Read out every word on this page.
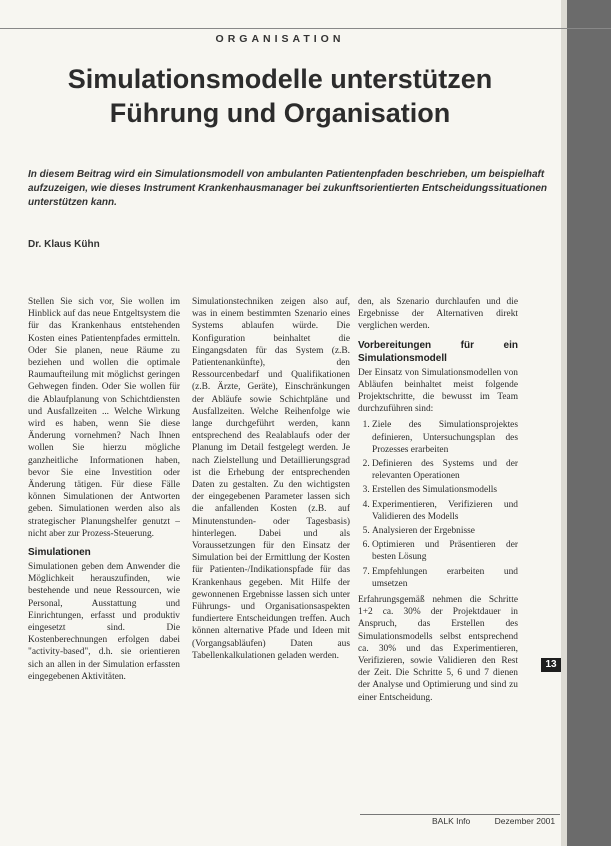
ORGANISATION
Simulationsmodelle unterstützen
Führung und Organisation
In diesem Beitrag wird ein Simulationsmodell von ambulanten Patientenpfaden beschrieben, um beispielhaft aufzuzeigen, wie dieses Instrument Krankenhausmanager bei zukunftsorientierten Entscheidungssituationen unterstützen kann.
Dr. Klaus Kühn

Stellen Sie sich vor, Sie wollen im Hinblick auf das neue Entgeltsystem die für das Krankenhaus entstehenden Kosten eines Patientenpfades ermitteln. Oder Sie planen, neue Räume zu beziehen und wollen die optimale Raumaufteilung mit möglichst geringen Gehwegen finden. Oder Sie wollen für die Ablaufplanung von Schichtdiensten und Ausfallzeiten ... Welche Wirkung wird es haben, wenn Sie diese Änderung vornehmen? Nach Ihnen wollen Sie hierzu mögliche ganzheitliche Informationen haben, bevor Sie eine Investition oder Änderung tätigen. Für diese Fälle können Simulationen der Antworten geben. Simulationen werden also als strategischer Planungshelfer genutzt – nicht aber zur Prozess-Steuerung.

Simulationen

Simulationen geben dem Anwender die Möglichkeit herauszufinden, wie bestehende und neue Ressourcen, wie Personal, Ausstattung und Einrichtungen, erfasst und produktiv eingesetzt sind. Die Kostenberechnungen erfolgen dabei "activity-based", d.h. sie orientieren sich an allen in der Simulation erfassten eingegebenen Aktivitäten.

Simulationstechniken zeigen also auf, was in einem bestimmten Szenario eines Systems ablaufen würde. Die Konfiguration beinhaltet die Eingangsdaten für das System (z.B. Patientenankünfte), den Ressourcenbedarf und Qualifikationen (z.B. Ärzte, Geräte), Einschränkungen der Abläufe sowie Schichtpläne und Ausfallzeiten. Welche Reihenfolge wie lange durchgeführt werden, kann entsprechend des Realablaufs oder der Planung im Detail festgelegt werden. Je nach Zielstellung und Detaillierungsgrad ist die Erhebung der entsprechenden Daten zu gestalten. Zu den wichtigsten der eingegebenen Parameter lassen sich die anfallenden Kosten (z.B. auf Minutenstunden- oder Tagesbasis) hinterlegen. Dabei und als Voraussetzungen für den Einsatz der Simulation bei der Ermittlung der Kosten für Patienten-/Indikationspfade für das Krankenhaus gegeben. Mit Hilfe der gewonnenen Ergebnisse lassen sich unter Führungs- und Organisationsaspekten fundiertere Entscheidungen treffen. Auch können alternative Pfade und Ideen mit (Vorgangsabläufen) Daten aus Tabellenkalkulationen geladen werden.

den, als Szenario durchlaufen und die Ergebnisse der Alternativen direkt verglichen werden.

Vorbereitungen für ein Simulationsmodell

Der Einsatz von Simulationsmodellen von Abläufen beinhaltet meist folgende Projektschritte, die bewusst im Team durchzuführen sind:

1. Ziele des Simulationsprojektes definieren, Untersuchungsplan des Prozesses erarbeiten
2. Definieren des Systems und der relevanten Operationen
3. Erstellen des Simulationsmodells
4. Experimentieren, Verifizieren und Validieren des Modells
5. Analysieren der Ergebnisse
6. Optimieren und Präsentieren der besten Lösung
7. Empfehlungen erarbeiten und umsetzen

Erfahrungsgemäß nehmen die Schritte 1+2 ca. 30% der Projektdauer in Anspruch, das Erstellen des Simulationsmodells selbst entsprechend ca. 30% und das Experimentieren, Verifizieren, sowie Validieren den Rest der Zeit. Die Schritte 5, 6 und 7 dienen der Analyse und Optimierung und sind zu einer Entscheidung.

13
BALK Info	Dezember 2001
